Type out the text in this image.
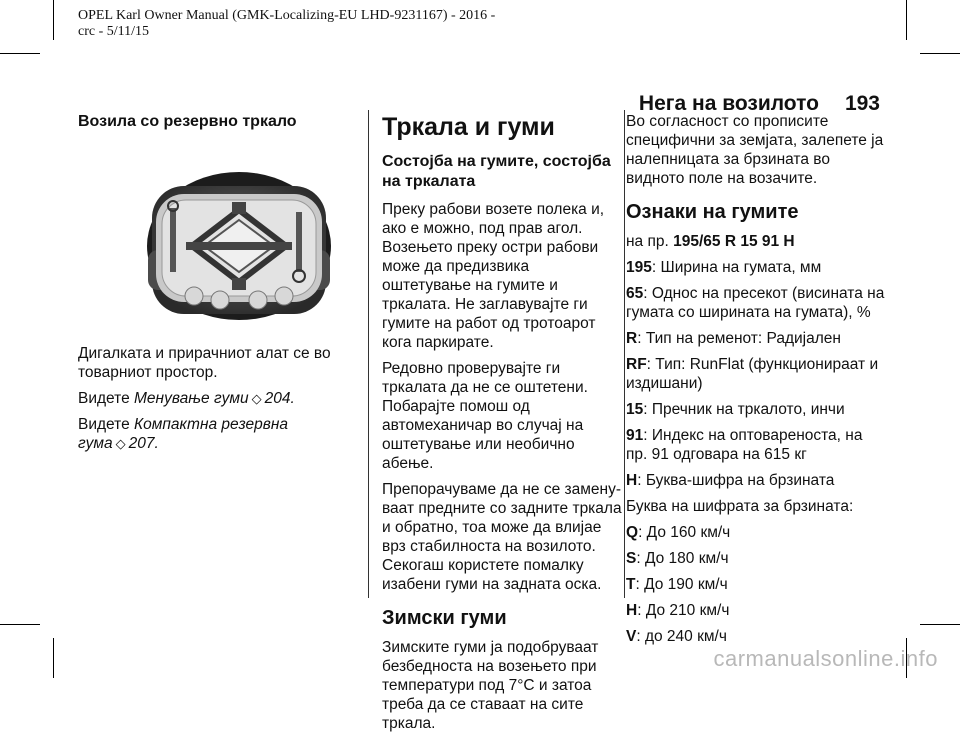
OPEL Karl Owner Manual (GMK-Localizing-EU LHD-9231167) - 2016 - crc - 5/11/15
Нега на возилото 193
Возила со резервно тркало

Дигалката и прирачниот алат се во товарниот простор.

Видете Менување гуми ◇ 204.

Видете Компактна резервна гума ◇ 207.

Тркала и гуми
Состојба на гумите, состојба на тркалата

Преку рабови возете полека и, ако е можно, под прав агол. Возењето преку остри рабови може да предизвика оштетување на гумите и тркалата. Не заглавувајте ги гумите на работ од тротоарот кога паркирате.

Редовно проверувајте ги тркалата да не се оштетени. Побарајте помош од автомеханичар во случај на оштетување или необично абење.

Препорачуваме да не се замену-ваат предните со задните тркала и обратно, тоа може да влијае врз стабилноста на возилото. Секогаш користете помалку изабени гуми на задната оска.

Зимски гуми

Зимските гуми ја подобруваат безбедноста на возењето при температури под 7°C и затоа треба да се ставаат на сите тркала.

Во согласност со прописите специфични за земјата, залепете ја налепницата за брзината во видното поле на возачите.

Ознаки на гумите

на пр. 195/65 R 15 91 H

195: Ширина на гумата, мм

65: Однос на пресекот (висината на гумата со ширината на гумата), %

R: Тип на ременот: Радијален

RF: Тип: RunFlat (функционираат и издишани)

15: Пречник на тркалото, инчи

91: Индекс на оптовареноста, на пр. 91 одговара на 615 кг

H: Буква-шифра на брзината

Буква на шифрата за брзината:

Q: До 160 км/ч

S: До 180 км/ч

T: До 190 км/ч

H: До 210 км/ч

V: до 240 км/ч

carmanualsonline.info
